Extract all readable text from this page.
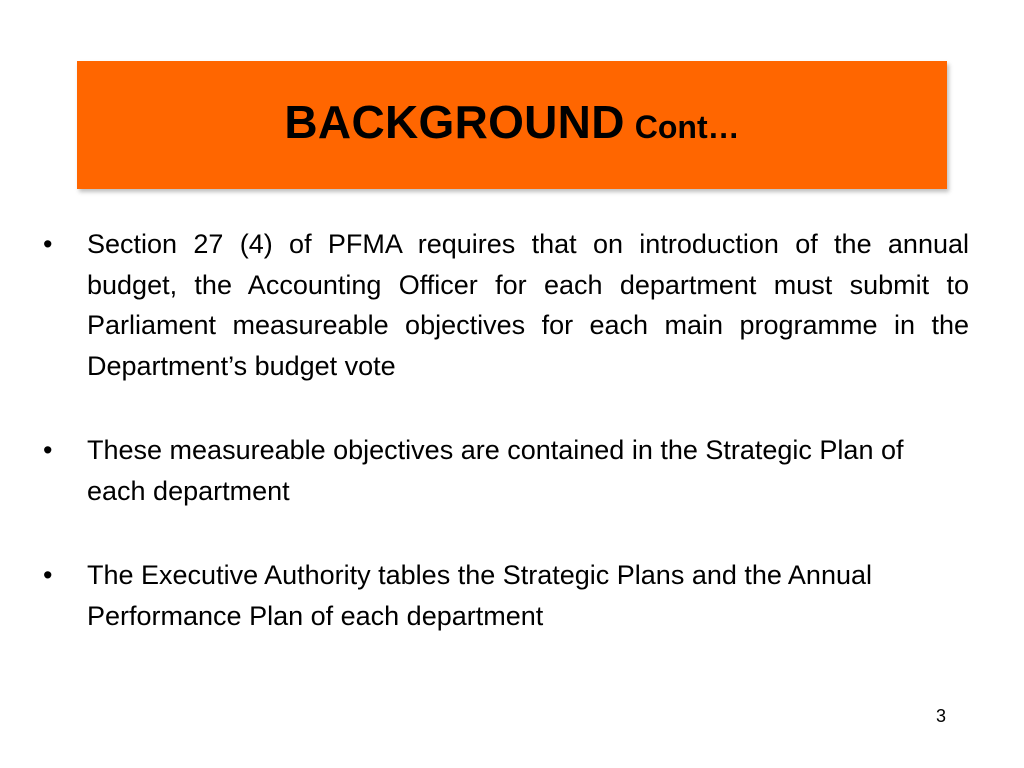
BACKGROUND Cont…
•	Section 27 (4) of PFMA requires that on introduction of the annual budget, the Accounting Officer for each department must submit to Parliament measureable objectives for each main programme in the Department’s budget vote
•	These measureable objectives are contained in the Strategic Plan of each department
•	The Executive Authority tables the Strategic Plans and the Annual Performance Plan of each department
3
